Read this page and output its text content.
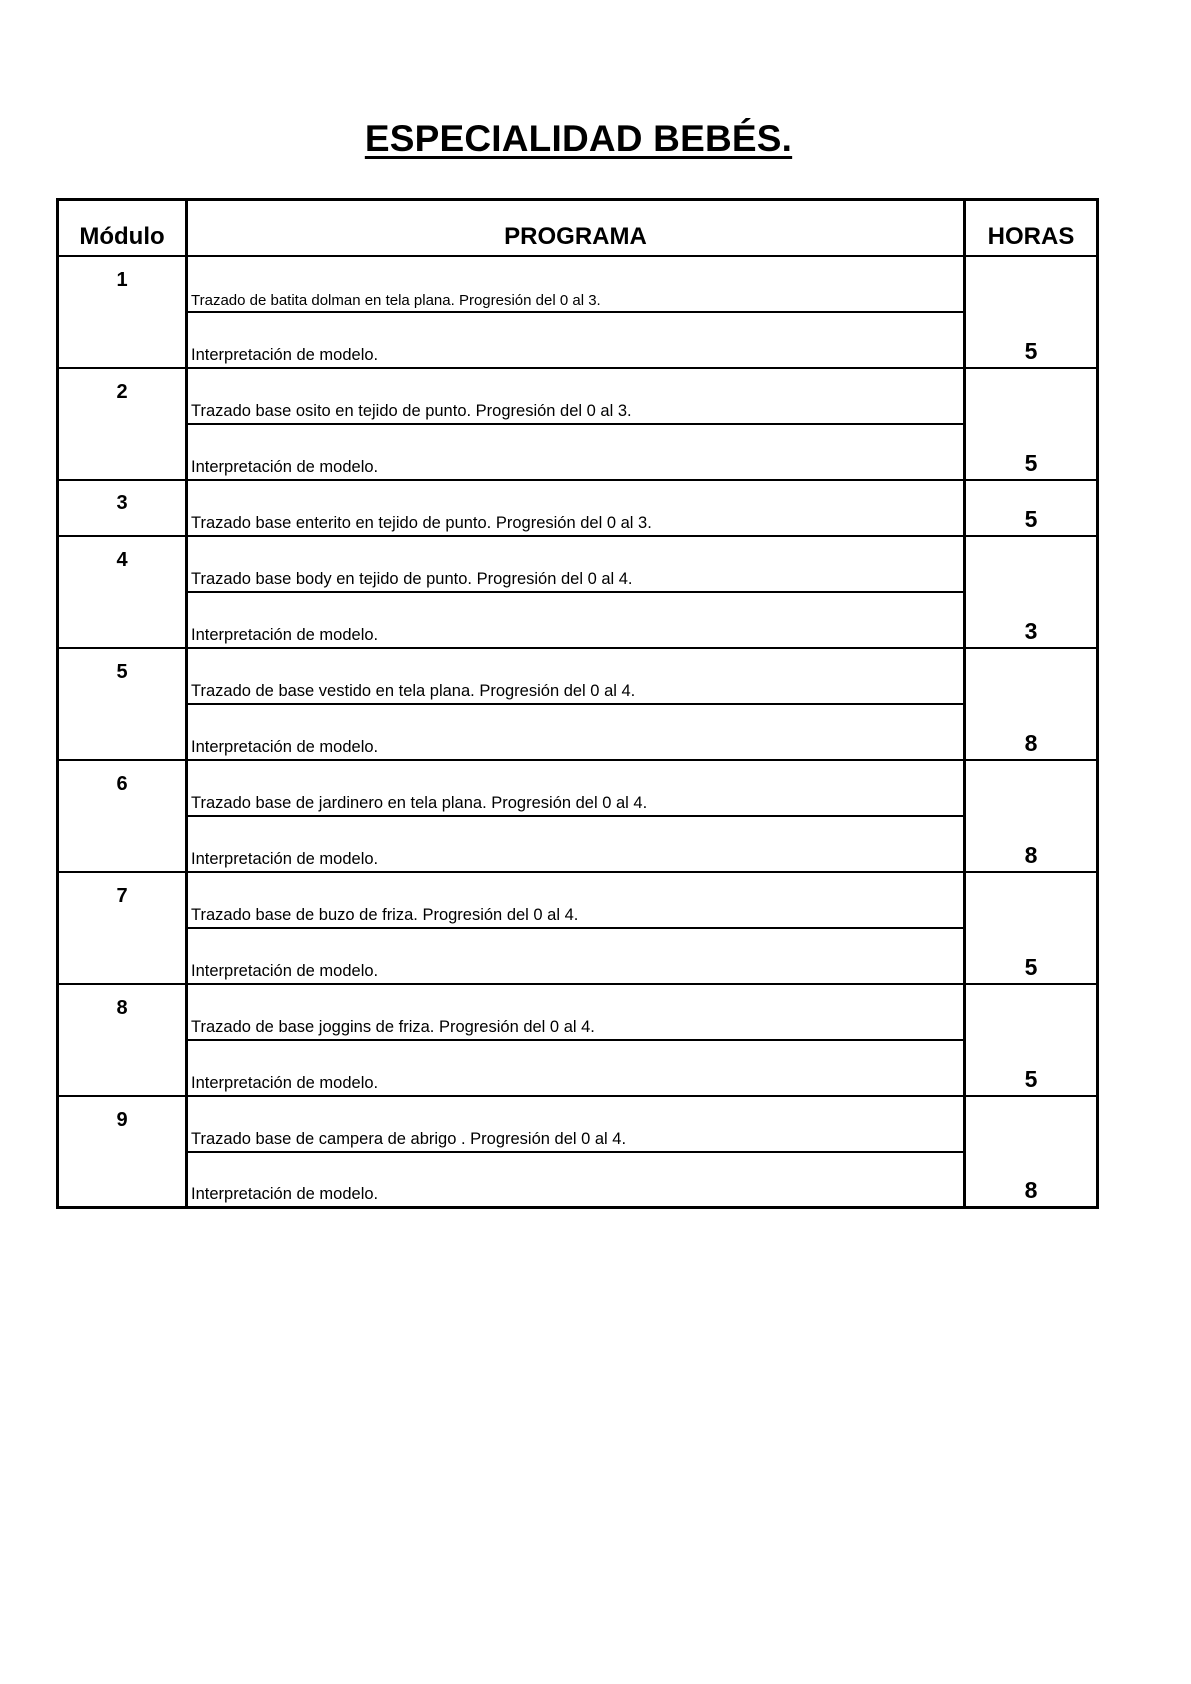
ESPECIALIDAD BEBÉS.
Módulo	PROGRAMA	HORAS
1	Trazado de batita dolman en tela plana. Progresión del 0 al 3.	
	Interpretación de modelo.	5
2	Trazado base osito en tejido de punto. Progresión del 0 al 3.	
	Interpretación de modelo.	5
3	Trazado base enterito en tejido de punto. Progresión del 0 al 3.	5
4	Trazado base body en tejido de punto. Progresión del 0 al 4.	
	Interpretación de modelo.	3
5	Trazado de base vestido en tela plana. Progresión del 0 al 4.	
	Interpretación de modelo.	8
6	Trazado base de jardinero en tela plana. Progresión del 0 al 4.	
	Interpretación de modelo.	8
7	Trazado base de buzo de friza. Progresión del 0 al 4.	
	Interpretación de modelo.	5
8	Trazado de base joggins de friza. Progresión del 0 al 4.	
	Interpretación de modelo.	5
9	Trazado base de campera de abrigo . Progresión del 0 al 4.	
	Interpretación de modelo.	8
